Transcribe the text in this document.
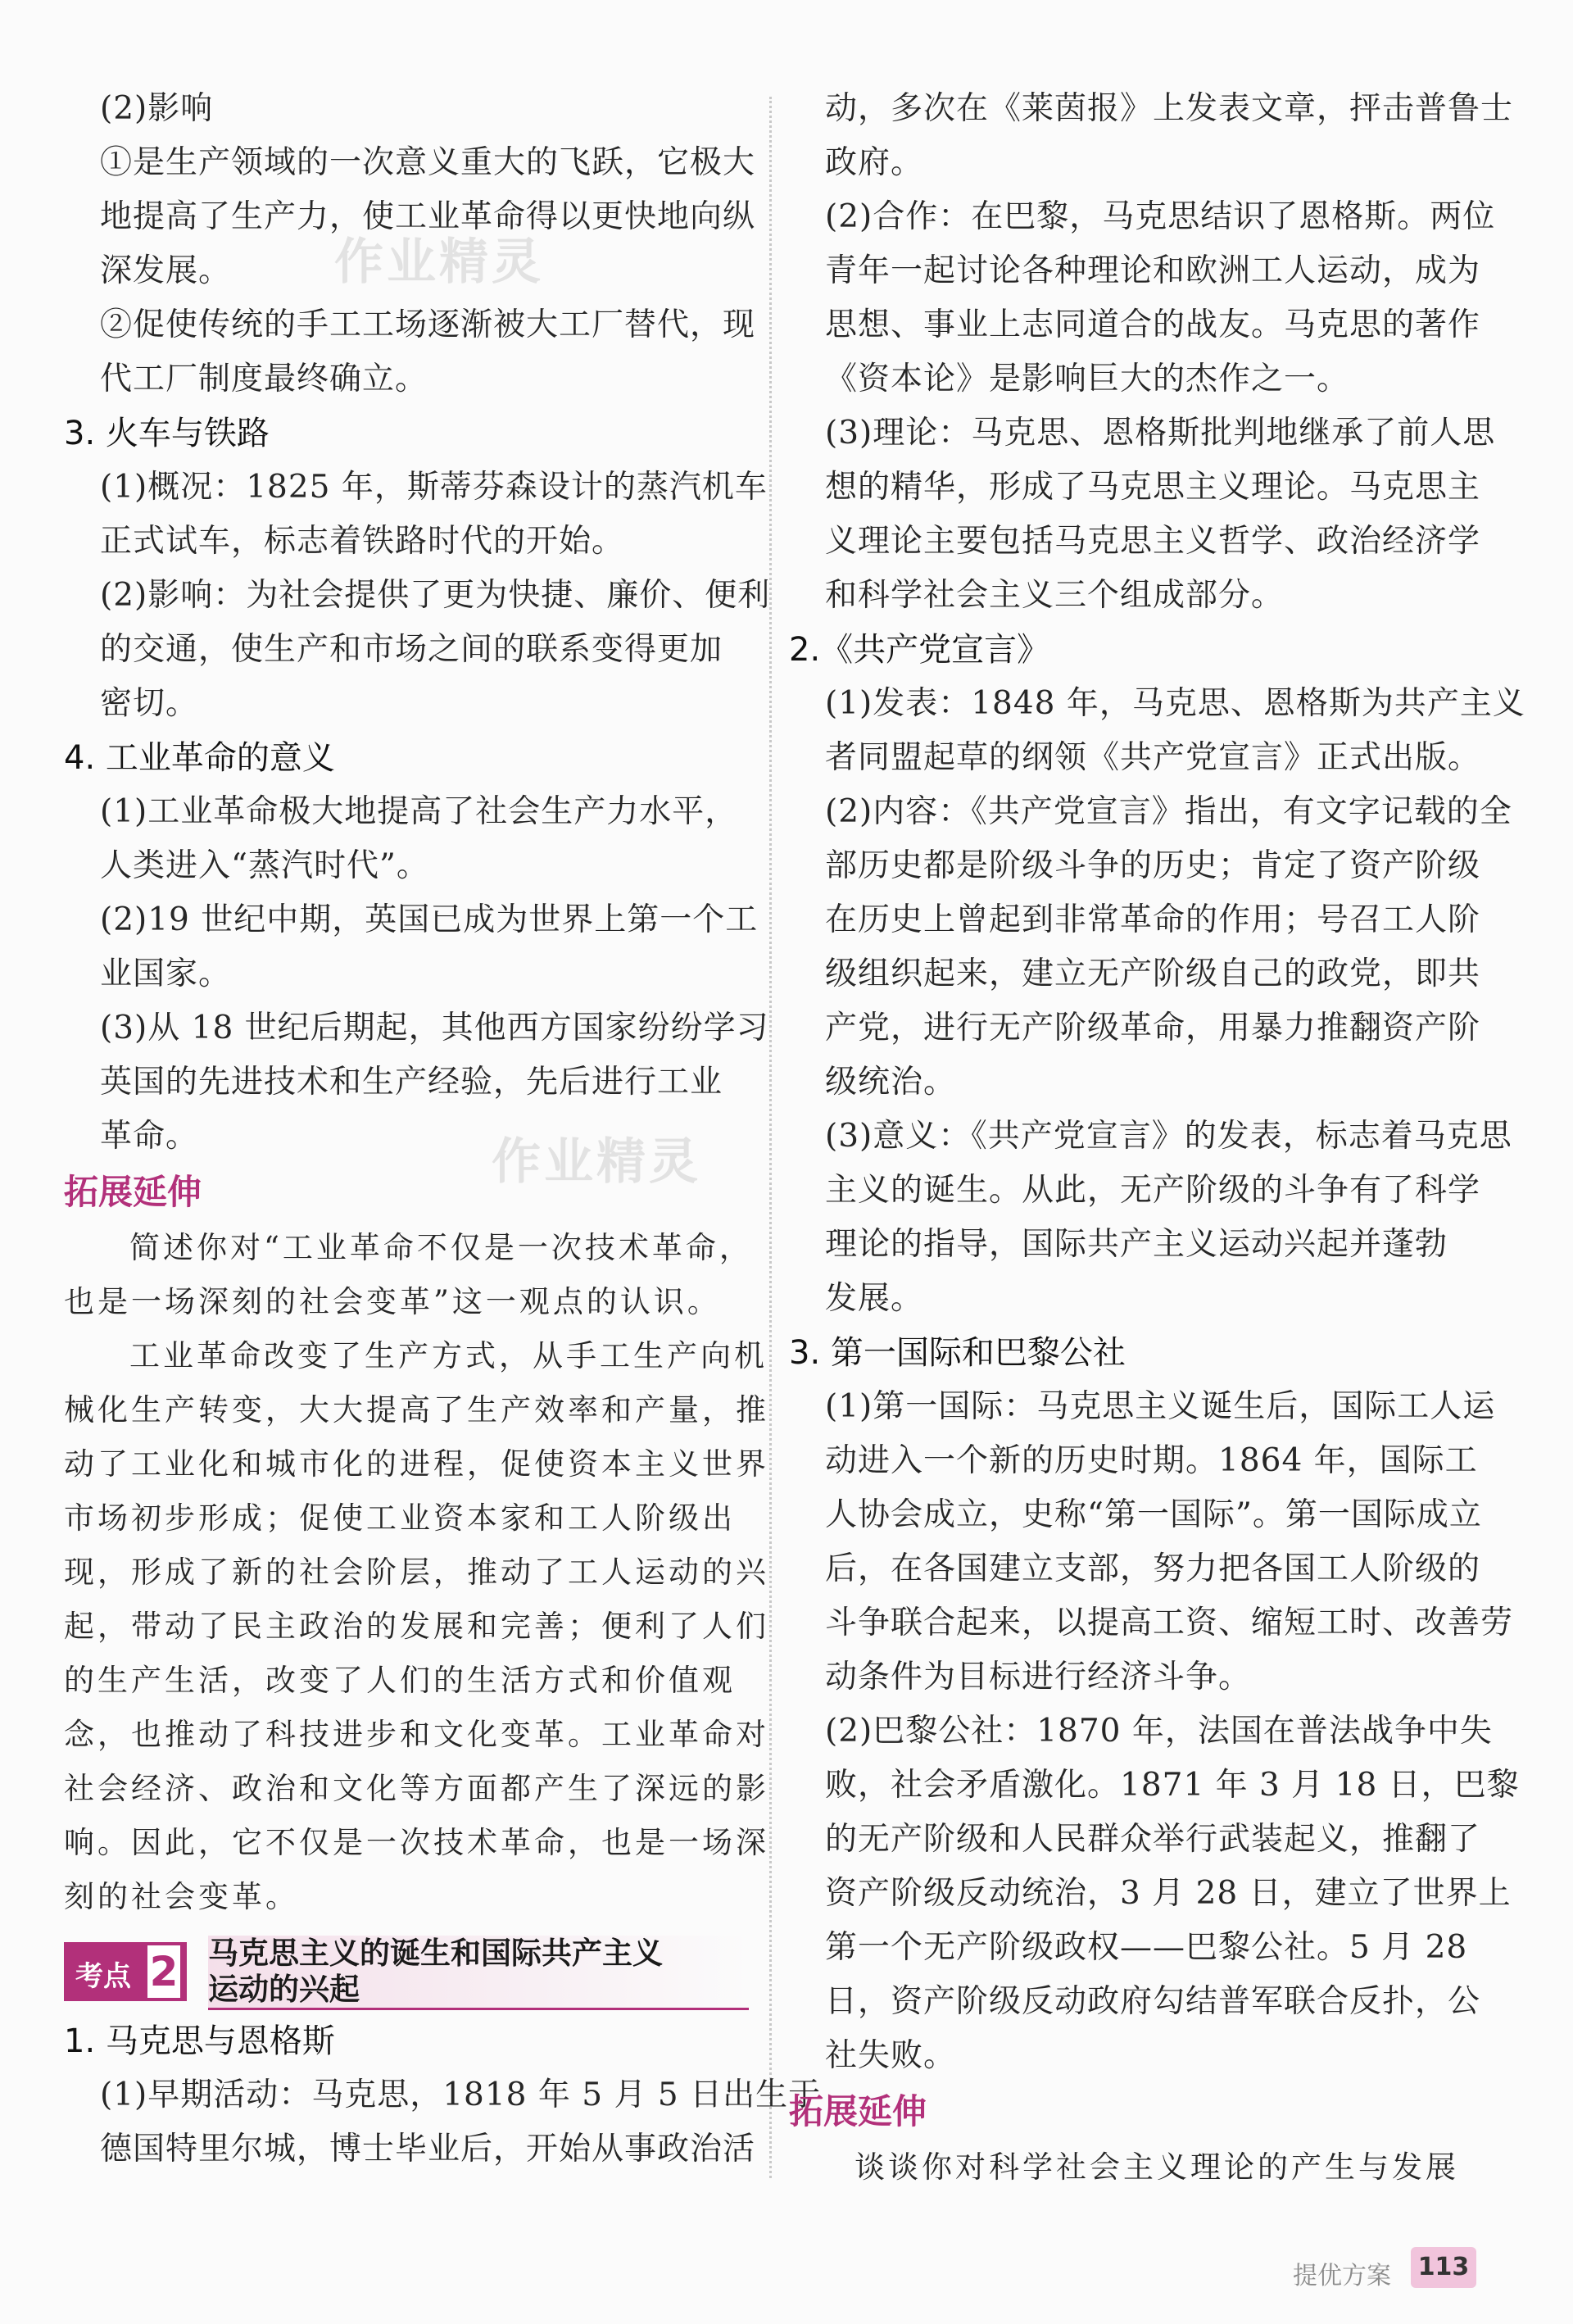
作业精灵
作业精灵
(2)影响
①是生产领域的一次意义重大的飞跃，它极大
地提高了生产力，使工业革命得以更快地向纵
深发展。
②促使传统的手工工场逐渐被大工厂替代，现
代工厂制度最终确立。
3. 火车与铁路
(1)概况：1825 年，斯蒂芬森设计的蒸汽机车
正式试车，标志着铁路时代的开始。
(2)影响：为社会提供了更为快捷、廉价、便利
的交通，使生产和市场之间的联系变得更加
密切。
4. 工业革命的意义
(1)工业革命极大地提高了社会生产力水平，
人类进入“蒸汽时代”。
(2)19 世纪中期，英国已成为世界上第一个工
业国家。
(3)从 18 世纪后期起，其他西方国家纷纷学习
英国的先进技术和生产经验，先后进行工业
革命。
拓展延伸
简述你对“工业革命不仅是一次技术革命，
也是一场深刻的社会变革”这一观点的认识。
工业革命改变了生产方式，从手工生产向机
械化生产转变，大大提高了生产效率和产量，推
动了工业化和城市化的进程，促使资本主义世界
市场初步形成；促使工业资本家和工人阶级出
现，形成了新的社会阶层，推动了工人运动的兴
起，带动了民主政治的发展和完善；便利了人们
的生产生活，改变了人们的生活方式和价值观
念，也推动了科技进步和文化变革。工业革命对
社会经济、政治和文化等方面都产生了深远的影
响。因此，它不仅是一次技术革命，也是一场深
刻的社会变革。
考点 2 马克思主义的诞生和国际共产主义
运动的兴起
1. 马克思与恩格斯
(1)早期活动：马克思，1818 年 5 月 5 日出生于
德国特里尔城，博士毕业后，开始从事政治活
动，多次在《莱茵报》上发表文章，抨击普鲁士
政府。
(2)合作：在巴黎，马克思结识了恩格斯。两位
青年一起讨论各种理论和欧洲工人运动，成为
思想、事业上志同道合的战友。马克思的著作
《资本论》是影响巨大的杰作之一。
(3)理论：马克思、恩格斯批判地继承了前人思
想的精华，形成了马克思主义理论。马克思主
义理论主要包括马克思主义哲学、政治经济学
和科学社会主义三个组成部分。
2.《共产党宣言》
(1)发表：1848 年，马克思、恩格斯为共产主义
者同盟起草的纲领《共产党宣言》正式出版。
(2)内容：《共产党宣言》指出，有文字记载的全
部历史都是阶级斗争的历史；肯定了资产阶级
在历史上曾起到非常革命的作用；号召工人阶
级组织起来，建立无产阶级自己的政党，即共
产党，进行无产阶级革命，用暴力推翻资产阶
级统治。
(3)意义：《共产党宣言》的发表，标志着马克思
主义的诞生。从此，无产阶级的斗争有了科学
理论的指导，国际共产主义运动兴起并蓬勃
发展。
3. 第一国际和巴黎公社
(1)第一国际：马克思主义诞生后，国际工人运
动进入一个新的历史时期。1864 年，国际工
人协会成立，史称“第一国际”。第一国际成立
后，在各国建立支部，努力把各国工人阶级的
斗争联合起来，以提高工资、缩短工时、改善劳
动条件为目标进行经济斗争。
(2)巴黎公社：1870 年，法国在普法战争中失
败，社会矛盾激化。1871 年 3 月 18 日，巴黎
的无产阶级和人民群众举行武装起义，推翻了
资产阶级反动统治，3 月 28 日，建立了世界上
第一个无产阶级政权——巴黎公社。5 月 28
日，资产阶级反动政府勾结普军联合反扑，公
社失败。
拓展延伸
谈谈你对科学社会主义理论的产生与发展
提优方案 113
